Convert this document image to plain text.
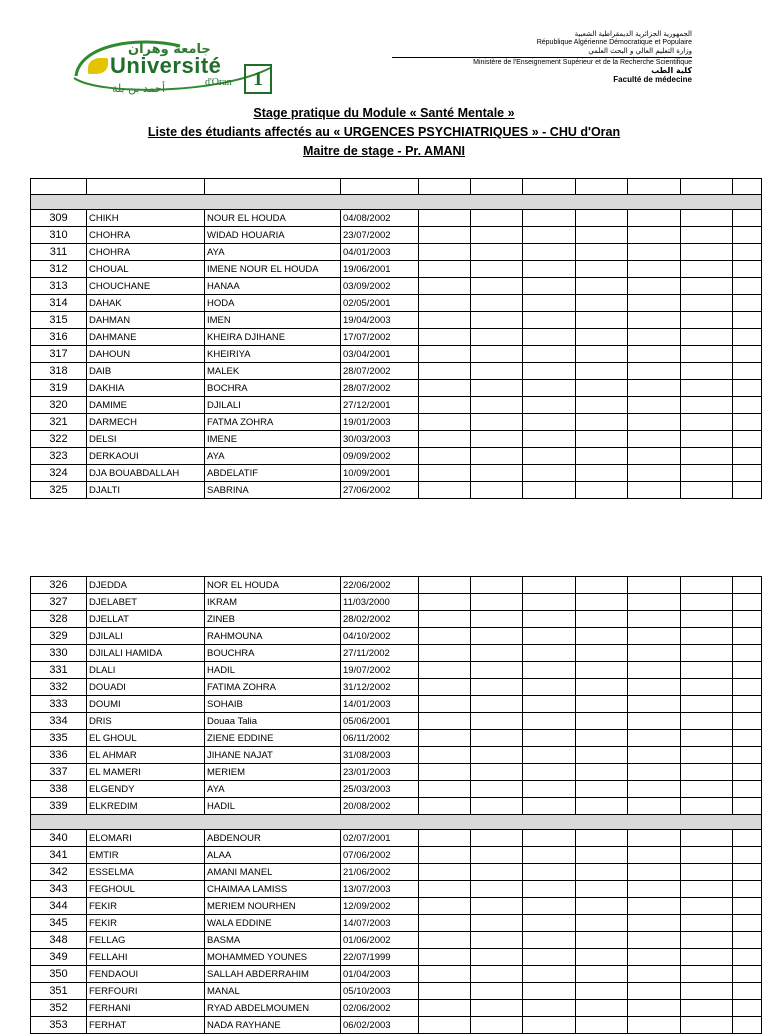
جامعة وهران
Université
d'Oran
أحمد بن بلة	1
الجمهورية الجزائرية الديمقراطية الشعبية
République Algérienne Démocratique et Populaire
وزارة التعليم العالي و البحث العلمي
Ministère de l'Enseignement Supérieur et de la Recherche Scientifique
كلية الطب
Faculté de médecine
Stage pratique du Module « Santé Mentale »
Liste des étudiants affectés au « URGENCES PSYCHIATRIQUES » - CHU d'Oran
Maitre de stage - Pr. AMANI

309	CHIKH	NOUR EL HOUDA	04/08/2002							
310	CHOHRA	WIDAD HOUARIA	23/07/2002							
311	CHOHRA	AYA	04/01/2003							
312	CHOUAL	IMENE NOUR EL HOUDA	19/06/2001							
313	CHOUCHANE	HANAA	03/09/2002							
314	DAHAK	HODA	02/05/2001							
315	DAHMAN	IMEN	19/04/2003							
316	DAHMANE	KHEIRA DJIHANE	17/07/2002							
317	DAHOUN	KHEIRIYA	03/04/2001							
318	DAIB	MALEK	28/07/2002							
319	DAKHIA	BOCHRA	28/07/2002							
320	DAMIME	DJILALI	27/12/2001							
321	DARMECH	FATMA ZOHRA	19/01/2003							
322	DELSI	IMENE	30/03/2003							
323	DERKAOUI	AYA	09/09/2002							
324	DJA BOUABDALLAH	ABDELATIF	10/09/2001							
325	DJALTI	SABRINA	27/06/2002							
326	DJEDDA	NOR EL HOUDA	22/06/2002							
327	DJELABET	IKRAM	11/03/2000							
328	DJELLAT	ZINEB	28/02/2002							
329	DJILALI	RAHMOUNA	04/10/2002							
330	DJILALI HAMIDA	BOUCHRA	27/11/2002							
331	DLALI	HADIL	19/07/2002							
332	DOUADI	FATIMA ZOHRA	31/12/2002							
333	DOUMI	SOHAIB	14/01/2003							
334	DRIS	Douaa Talia	05/06/2001							
335	EL GHOUL	ZIENE EDDINE	06/11/2002							
336	EL AHMAR	JIHANE NAJAT	31/08/2003							
337	EL MAMERI	MERIEM	23/01/2003							
338	ELGENDY	AYA	25/03/2003							
339	ELKREDIM	HADIL	20/08/2002							

340	ELOMARI	ABDENOUR	02/07/2001							
341	EMTIR	ALAA	07/06/2002							
342	ESSELMA	AMANI MANEL	21/06/2002							
343	FEGHOUL	CHAIMAA LAMISS	13/07/2003							
344	FEKIR	MERIEM NOURHEN	12/09/2002							
345	FEKIR	WALA EDDINE	14/07/2003							
348	FELLAG	BASMA	01/06/2002							
349	FELLAHI	MOHAMMED YOUNES	22/07/1999							
350	FENDAOUI	SALLAH ABDERRAHIM	01/04/2003							
351	FERFOURI	MANAL	05/10/2003							
352	FERHANI	RYAD ABDELMOUMEN	02/06/2002							
353	FERHAT	NADA RAYHANE	06/02/2003							
